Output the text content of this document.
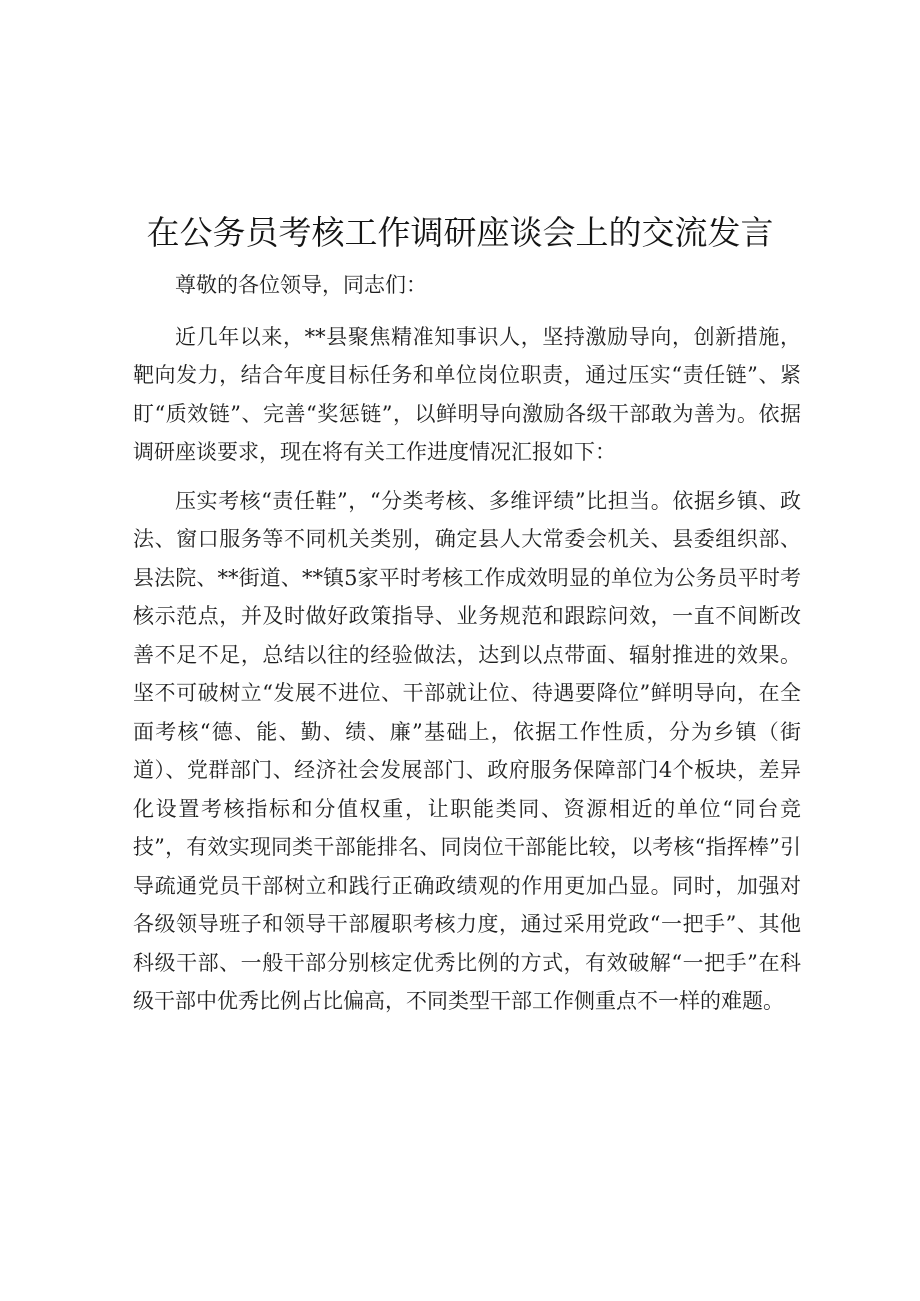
在公务员考核工作调研座谈会上的交流发言

尊敬的各位领导，同志们：

近几年以来，**县聚焦精准知事识人，坚持激励导向，创新措施，靶向发力，结合年度目标任务和单位岗位职责，通过压实“责任链”、紧盯“质效链”、完善“奖惩链”，以鲜明导向激励各级干部敢为善为。依据调研座谈要求，现在将有关工作进度情况汇报如下：

压实考核“责任鞋”，“分类考核、多维评绩”比担当。依据乡镇、政法、窗口服务等不同机关类别，确定县人大常委会机关、县委组织部、县法院、**街道、**镇5家平时考核工作成效明显的单位为公务员平时考核示范点，并及时做好政策指导、业务规范和跟踪问效，一直不间断改善不足不足，总结以往的经验做法，达到以点带面、辐射推进的效果。坚不可破树立“发展不进位、干部就让位、待遇要降位”鲜明导向，在全面考核“德、能、勤、绩、廉”基础上，依据工作性质，分为乡镇（街道）、党群部门、经济社会发展部门、政府服务保障部门4个板块，差异化设置考核指标和分值权重，让职能类同、资源相近的单位“同台竞技”，有效实现同类干部能排名、同岗位干部能比较，以考核“指挥棒”引导疏通党员干部树立和践行正确政绩观的作用更加凸显。同时，加强对各级领导班子和领导干部履职考核力度，通过采用党政“一把手”、其他科级干部、一般干部分别核定优秀比例的方式，有效破解“一把手”在科级干部中优秀比例占比偏高，不同类型干部工作侧重点不一样的难题。
